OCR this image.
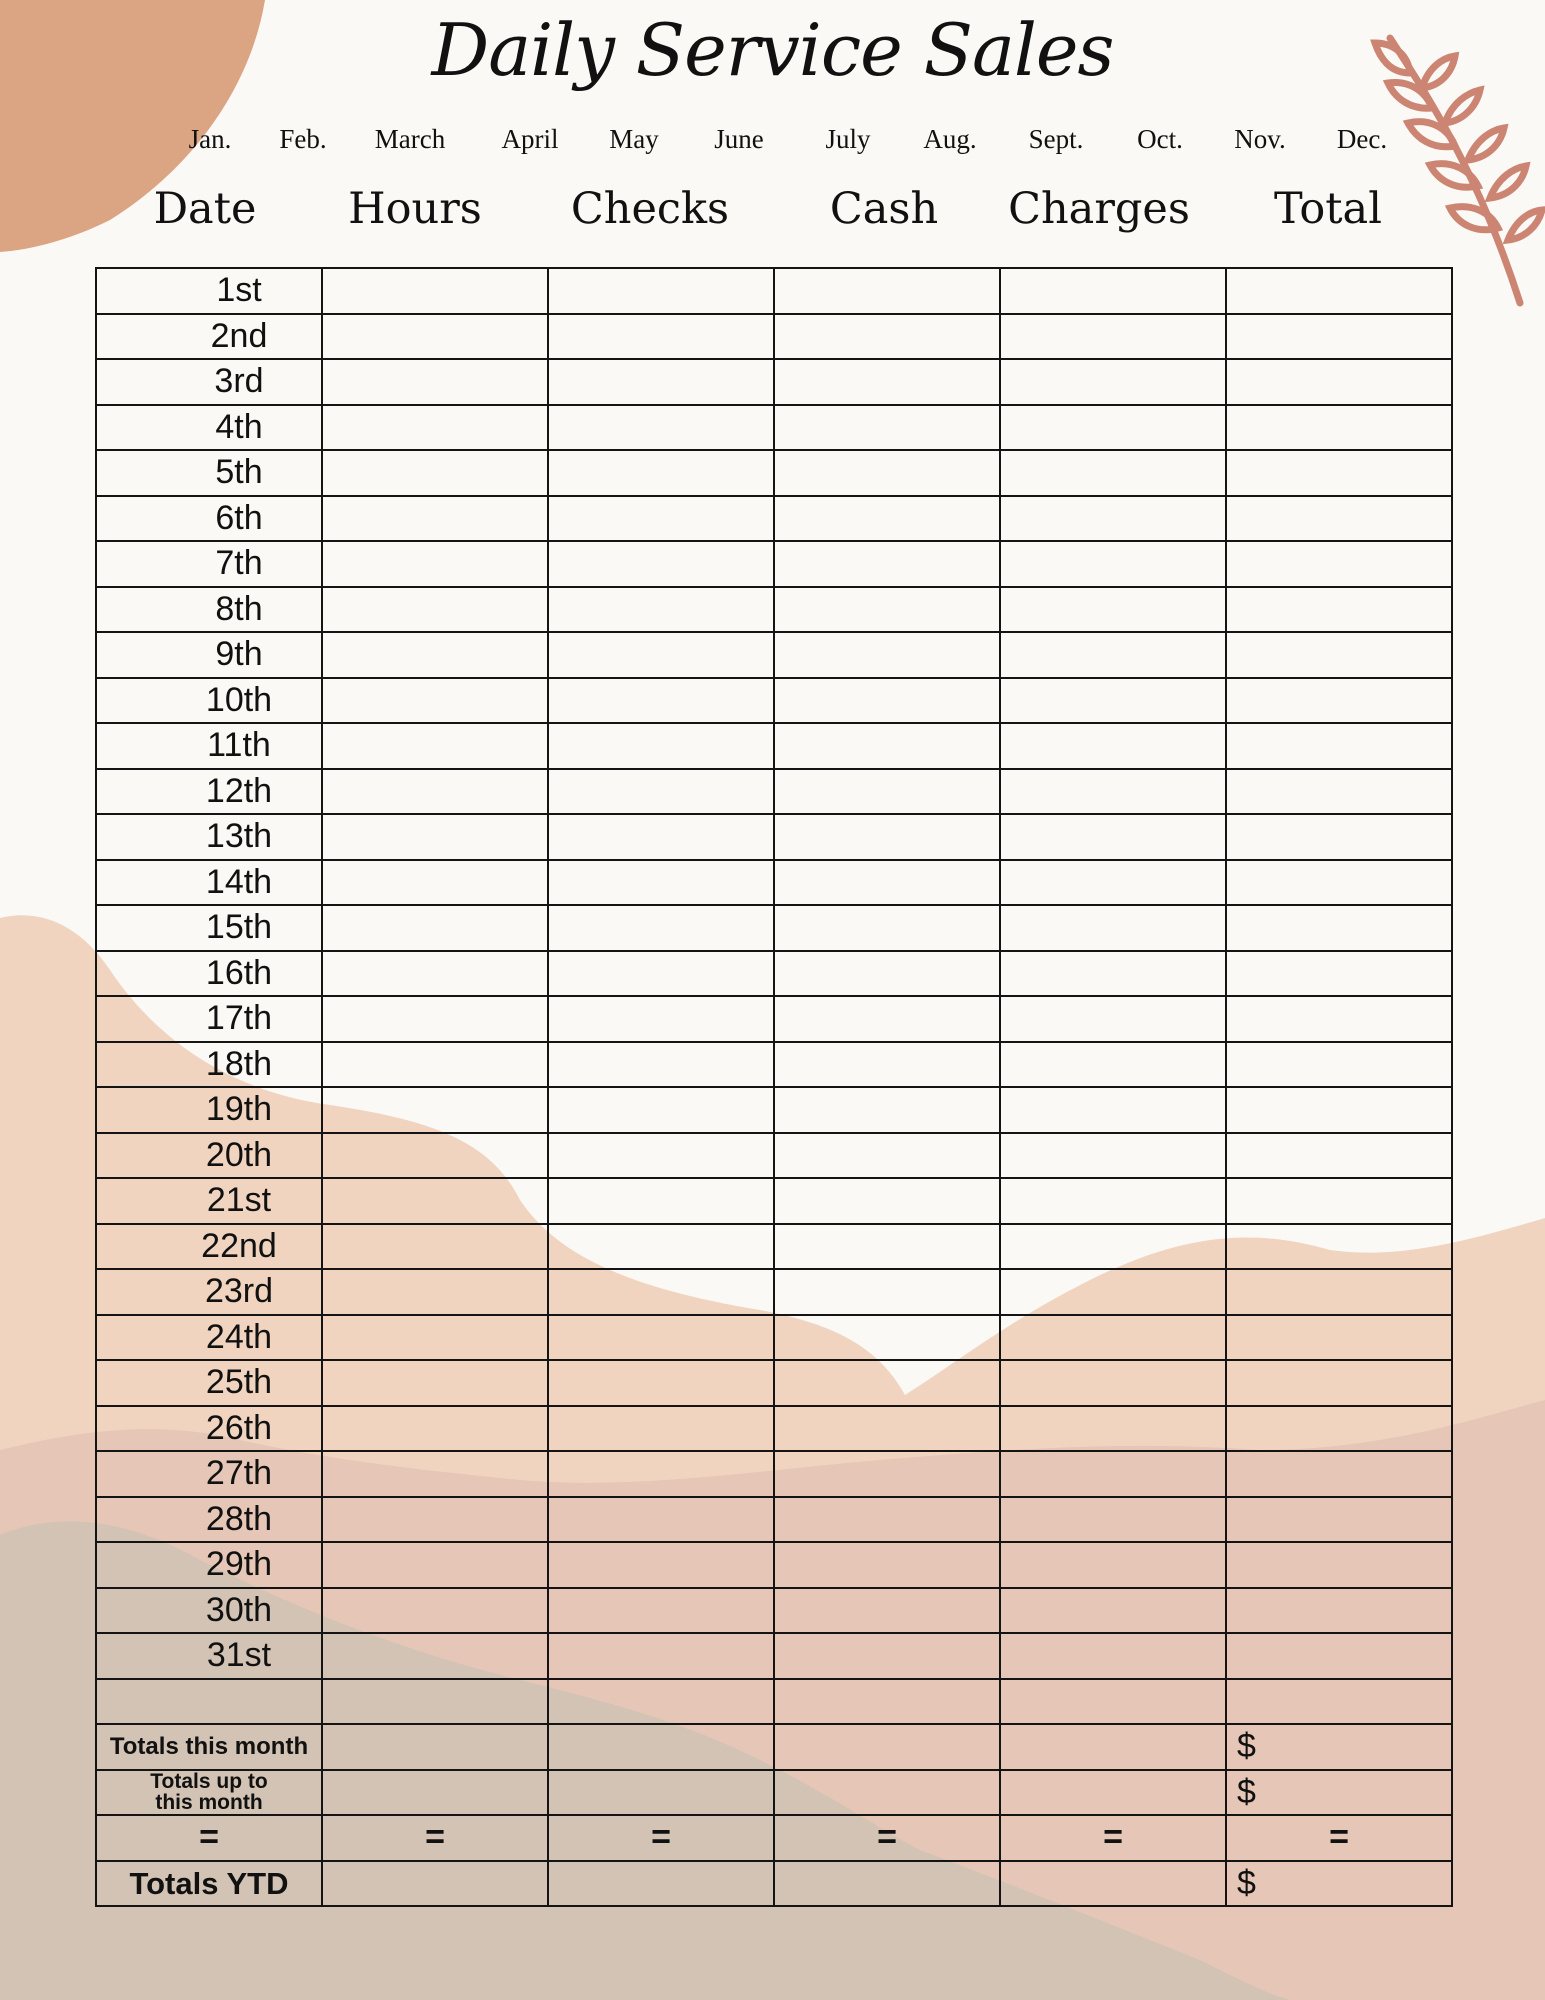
Daily Service Sales
Jan. Feb. March April May June July Aug. Sept. Oct. Nov. Dec.
Date Hours Checks Cash Charges Total
1st					
2nd					
3rd					
4th					
5th					
6th					
7th					
8th					
9th					
10th					
11th					
12th					
13th					
14th					
15th					
16th					
17th					
18th					
19th					
20th					
21st					
22nd					
23rd					
24th					
25th					
26th					
27th					
28th					
29th					
30th					
31st					

Totals this month					$

Totals up to
this month					$
=	=	=	=	=	=
Totals YTD					$
